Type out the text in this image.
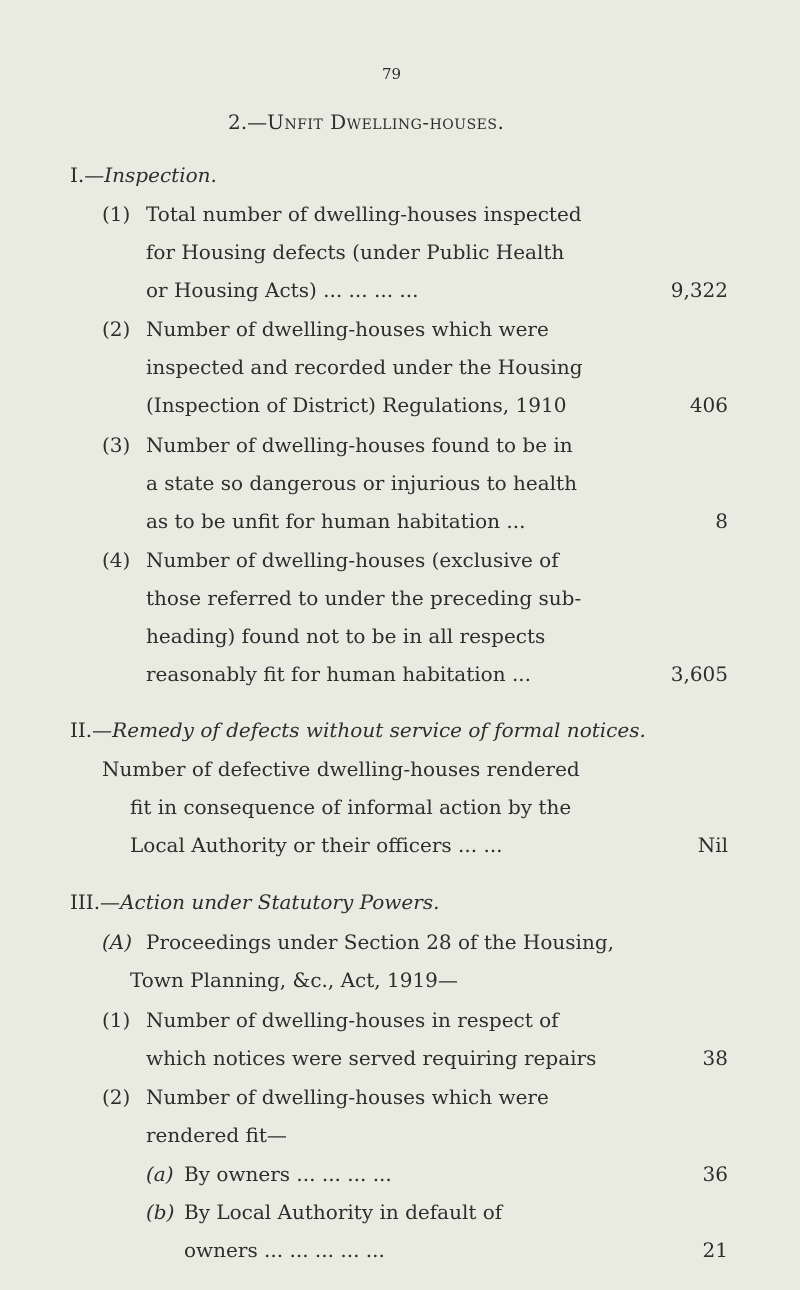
79
2.—Unfit Dwelling-houses.
I.—Inspection.
(1) Total number of dwelling-houses inspected
for Housing defects (under Public Health
or Housing Acts) ... ... ... ...	9,322
(2) Number of dwelling-houses which were
inspected and recorded under the Housing
(Inspection of District) Regulations, 1910	406
(3) Number of dwelling-houses found to be in
a state so dangerous or injurious to health
as to be unfit for human habitation ...	8
(4) Number of dwelling-houses (exclusive of
those referred to under the preceding sub-
heading) found not to be in all respects
reasonably fit for human habitation ...	3,605
II.—Remedy of defects without service of formal notices.
Number of defective dwelling-houses rendered
fit in consequence of informal action by the
Local Authority or their officers ... ...	Nil
III.—Action under Statutory Powers.
(A) Proceedings under Section 28 of the Housing,
Town Planning, &c., Act, 1919—
(1) Number of dwelling-houses in respect of
which notices were served requiring repairs	38
(2) Number of dwelling-houses which were
rendered fit—
(a) By owners ... ... ... ...	36
(b) By Local Authority in default of
owners ... ... ... ... ...	21
